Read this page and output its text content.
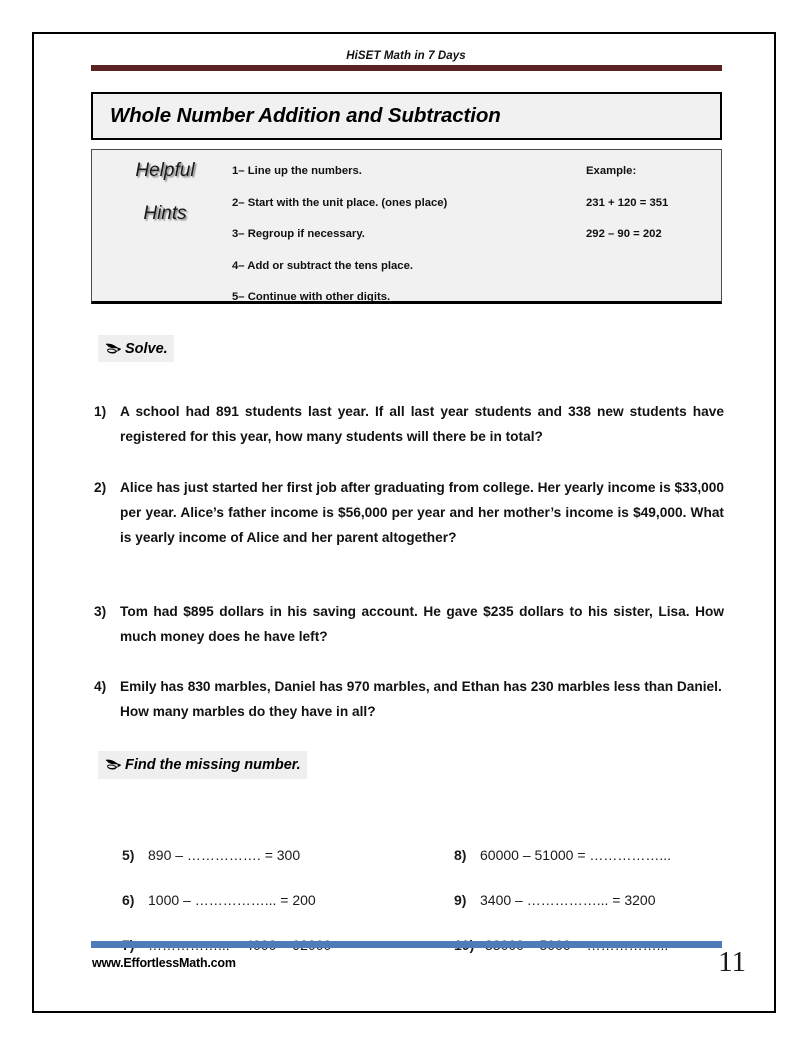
HiSET Math in 7 Days
Whole Number Addition and Subtraction
Helpful
Hints
1– Line up the numbers.
2– Start with the unit place. (ones place)
3– Regroup if necessary.
4– Add or subtract the tens place.
5– Continue with other digits.
Example:
231 + 120 = 351
292 – 90 = 202
Solve.
1)	A school had 891 students last year. If all last year students and 338 new students have registered for this year, how many students will there be in total?
2)	Alice has just started her first job after graduating from college. Her yearly income is $33,000 per year. Alice’s father income is $56,000 per year and her mother’s income is $49,000. What is yearly income of Alice and her parent altogether?
3)	Tom had $895 dollars in his saving account. He gave $235 dollars to his sister, Lisa. How much money does he have left?
4)	Emily has 830 marbles, Daniel has 970 marbles, and Ethan has 230 marbles less than Daniel. How many marbles do they have in all?
Find the missing number.
5) 890 – ……………. = 300
6) 1000 – ……………... = 200
8) 60000 – 51000 = ……………...
9) 3400 – ……………... = 3200
www.EffortlessMath.com	11
